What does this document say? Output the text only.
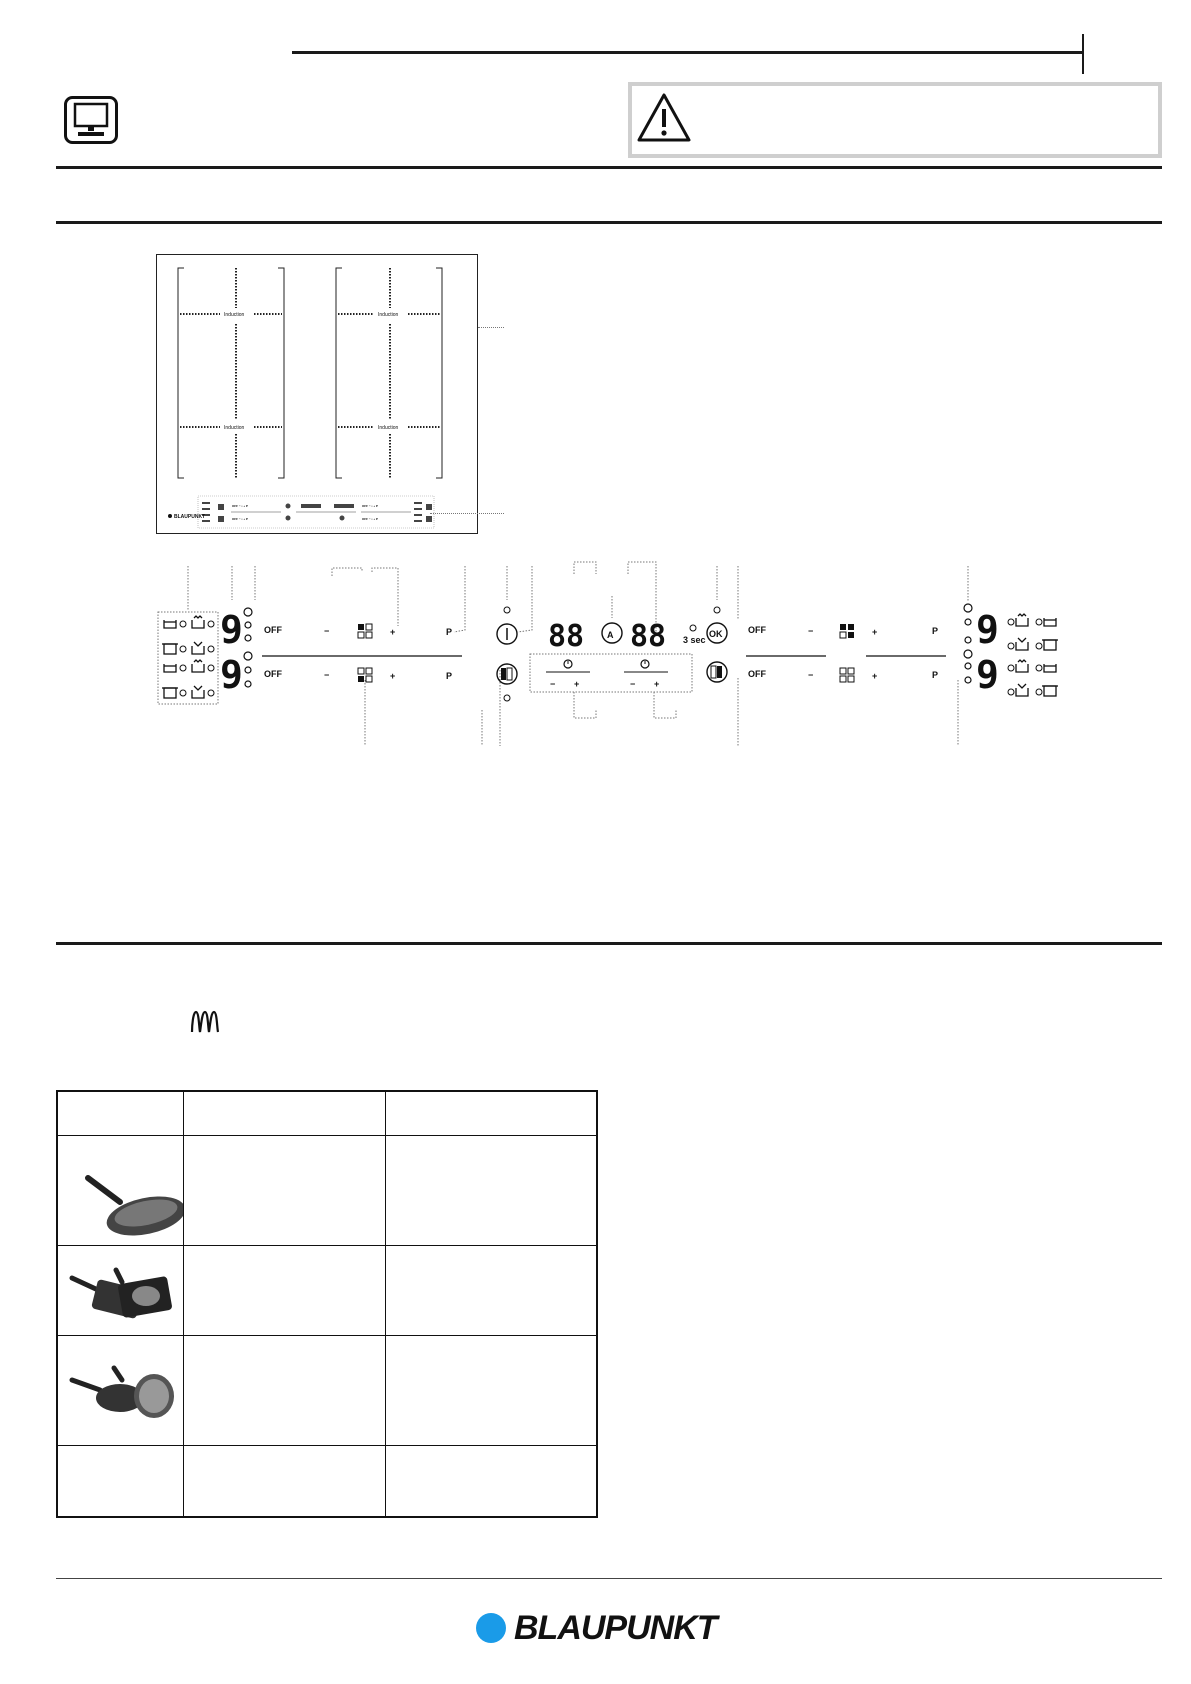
Induction	Induction
Induction	Induction
OFF − ▪ + P
OFF − ▪ + P
OFF − ▪ + P
OFF − ▪ + P
BLAUPUNKT
9
9
OFF	−	+	P
OFF	−	+	P
88	A 88 3 sec
OK
− +	− +
OFF	−	+	P
OFF	−	+	P
9
9

BLAUPUNKT
